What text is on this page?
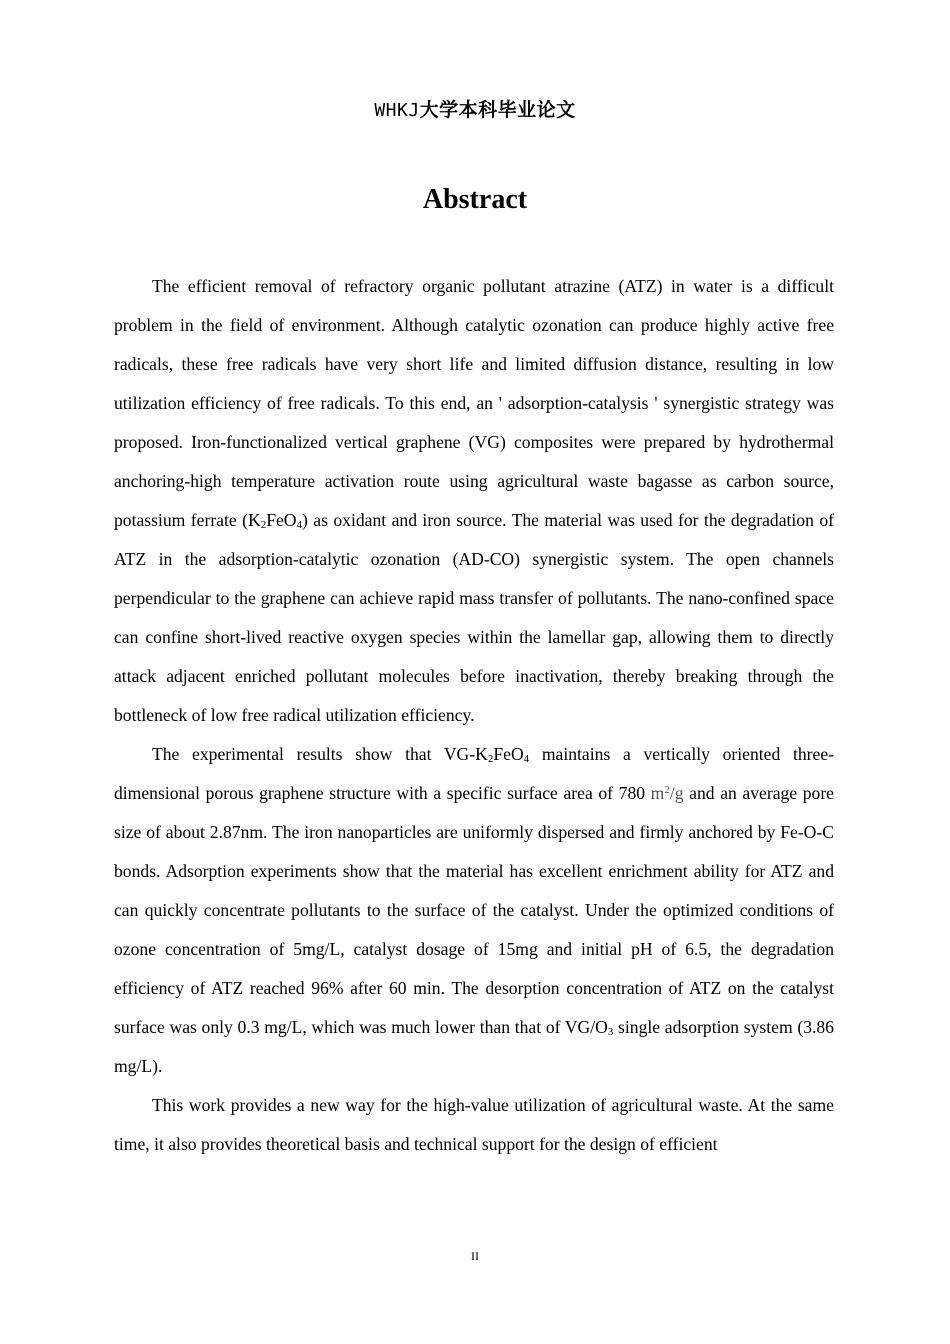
WHKJ大学本科毕业论文
Abstract

The efficient removal of refractory organic pollutant atrazine (ATZ) in water is a difficult problem in the field of environment. Although catalytic ozonation can produce highly active free radicals, these free radicals have very short life and limited diffusion distance, resulting in low utilization efficiency of free radicals. To this end, an ' adsorption-catalysis ' synergistic strategy was proposed. Iron-functionalized vertical graphene (VG) composites were prepared by hydrothermal anchoring-high temperature activation route using agricultural waste bagasse as carbon source, potassium ferrate $(K_2FeO_4)$ as oxidant and iron source. The material was used for the degradation of ATZ in the adsorption-catalytic ozonation (AD-CO) synergistic system. The open channels perpendicular to the graphene can achieve rapid mass transfer of pollutants. The nano-confined space can confine short-lived reactive oxygen species within the lamellar gap, allowing them to directly attack adjacent enriched pollutant molecules before inactivation, thereby breaking through the bottleneck of low free radical utilization efficiency.

The experimental results show that $VG-K_2FeO_4$ maintains a vertically oriented three-dimensional porous graphene structure with a specific surface area of 780 $m^2/g$ and an average pore size of about 2.87nm. The iron nanoparticles are uniformly dispersed and firmly anchored by Fe-O-C bonds. Adsorption experiments show that the material has excellent enrichment ability for ATZ and can quickly concentrate pollutants to the surface of the catalyst. Under the optimized conditions of ozone concentration of 5mg/L, catalyst dosage of 15mg and initial pH of 6.5, the degradation efficiency of ATZ reached 96% after 60 min. The desorption concentration of ATZ on the catalyst surface was only 0.3 mg/L, which was much lower than that of $VG/O_3$ single adsorption system (3.86 mg/L).

This work provides a new way for the high-value utilization of agricultural waste. At the same time, it also provides theoretical basis and technical support for the design of efficient

II
